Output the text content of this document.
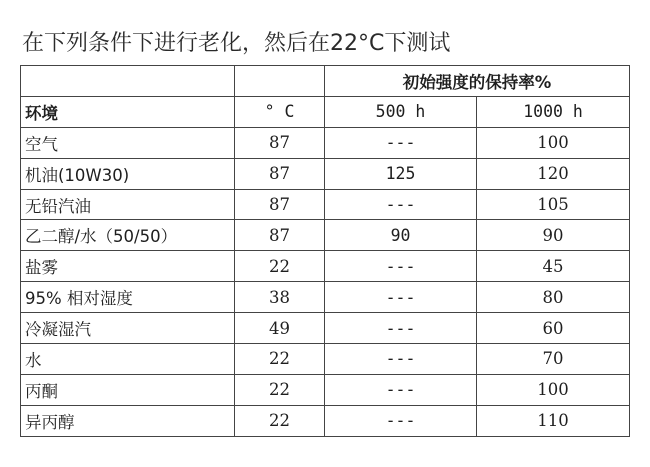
在下列条件下进行老化，然后在22°C下测试
		初始强度的保持率%	
环境	° C	500 h	1000 h
空气	87	---	100
机油(10W30)	87	125	120
无铅汽油	87	---	105
乙二醇/水（50/50）	87	90	90
盐雾	22	---	45
95% 相对湿度	38	---	80
冷凝湿汽	49	---	60
水	22	---	70
丙酮	22	---	100
异丙醇	22	---	110
